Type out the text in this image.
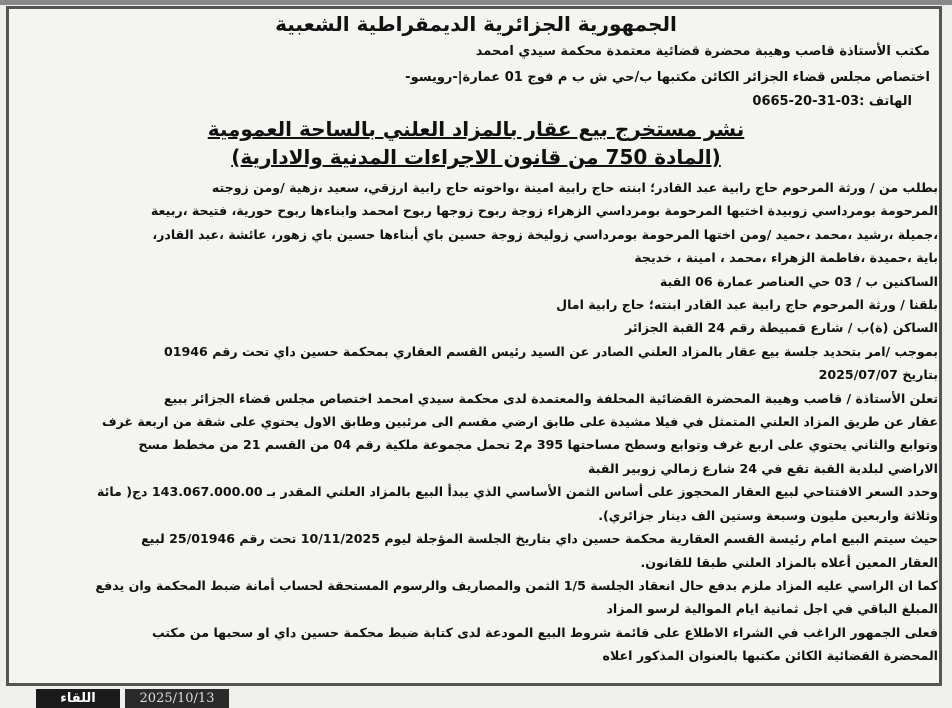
الجمهورية الجزائرية الديمقراطية الشعبية
مكتب الأستاذة قاصب وهيبة محضرة قضائية معتمدة محكمة سيدي امحمد
اختصاص مجلس قضاء الجزائر الكائن مكتبها ب/حي ش ب م فوج 01 عمارة|-رويسو-
الهاتف :03-31-20-0665
نشر مستخرج بيع عقار بالمزاد العلني بالساحة العمومية
(المادة 750 من قانون الاجراءات المدنية والادارية)
بطلب من / ورثة المرحوم حاج رابية عبد القادر؛ ابنته حاج رابية امينة ،واخوته حاج رابية ارزقي، سعيد ،زهية /ومن زوجته
المرحومة بومرداسي زوبيدة اختيها المرحومة بومرداسي الزهراء زوجة ربوح زوجها ربوح امحمد وابناءها ربوح حورية، فتيحة ،ربيعة
،جميلة ،رشيد ،محمد ،حميد /ومن اختها المرحومة بومرداسي زوليخة زوجة حسين باي أبناءها حسين باي زهور، عائشة ،عبد القادر،
باية ،حميدة ،فاطمة الزهراء ،محمد ، امينة ، خديجة
الساكنين ب / 03 حي العناصر عمارة 06 القبة
بلقنا / ورثة المرحوم حاج رابية عبد القادر ابنته؛ حاج رابية امال
الساكن (ة)ب / شارع قمبيطة رقم 24 القبة الجزائر
بموجب /امر بتحديد جلسة بيع عقار بالمزاد العلني الصادر عن السيد رئيس القسم العقاري بمحكمة حسين داي تحت رقم 01946
بتاريخ 2025/07/07
تعلن الأستاذة / قاصب وهيبة المحضرة القضائية المحلفة والمعتمدة لدى محكمة سيدي امحمد اختصاص مجلس قضاء الجزائر ببيع
عقار عن طريق المزاد العلني المتمثل في فيلا مشيدة على طابق ارضي مقسم الى مرئبين وطابق الاول يحتوي على شقة من اربعة غرف
وتوابع والثاني يحتوي على اربع غرف وتوابع وسطح مساحتها 395 م2 تحمل مجموعة ملكية رقم 04 من القسم 21 من مخطط مسح
الاراضي لبلدية القبة تقع في 24 شارع زمالي زوبير القبة
وحدد السعر الافتتاحي لبيع العقار المحجوز على أساس الثمن الأساسي الذي يبدأ البيع بالمزاد العلني المقدر بـ 143.067.000.00 دج( مائة
وثلاثة واربعين مليون وسبعة وستين الف دينار جزائري).
حيث سيتم البيع امام رئيسة القسم العقارية محكمة حسين داي بتاريخ الجلسة المؤجلة ليوم 10/11/2025 تحت رقم 25/01946 لبيع
العقار المعين أعلاه بالمزاد العلني طبقا للقانون.
كما ان الراسي عليه المزاد ملزم بدفع حال انعقاد الجلسة 1/5 الثمن والمصاريف والرسوم المستحقة لحساب أمانة ضبط المحكمة وان يدفع
المبلغ الباقي في اجل ثمانية ايام الموالية لرسو المزاد
فعلى الجمهور الراغب في الشراء الاطلاع على قائمة شروط البيع المودعة لدى كتابة ضبط محكمة حسين داي او سحبها من مكتب
المحضرة القضائية الكائن مكتبها بالعنوان المذكور اعلاه
اللقاء	2025/10/13
